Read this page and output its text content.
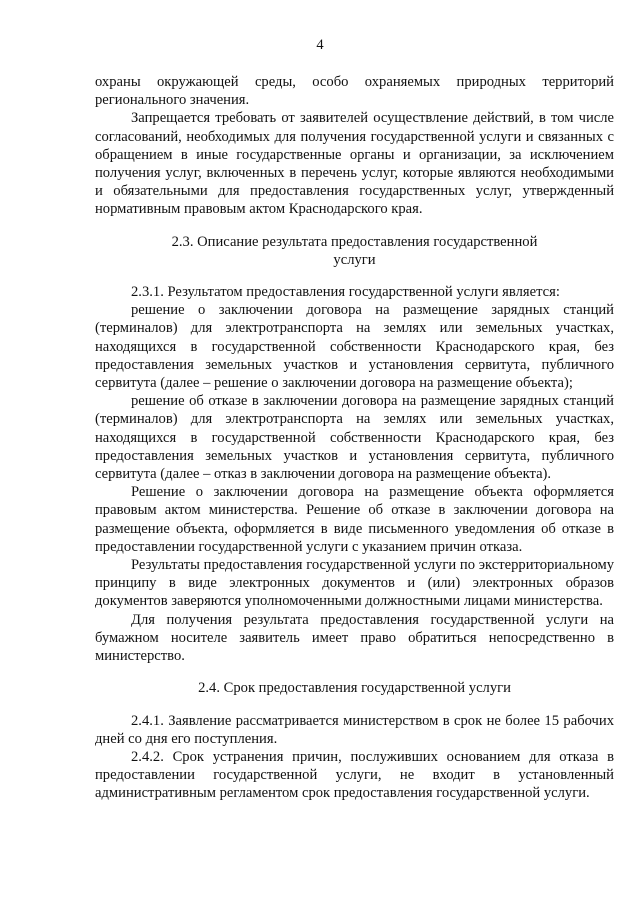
4

охраны окружающей среды, особо охраняемых природных территорий регионального значения.

Запрещается требовать от заявителей осуществление действий, в том числе согласований, необходимых для получения государственной услуги и связанных с обращением в иные государственные органы и организации, за исключением получения услуг, включенных в перечень услуг, которые являются необходимыми и обязательными для предоставления государственных услуг, утвержденный нормативным правовым актом Краснодарского края.

2.3. Описание результата предоставления государственной
услуги

2.3.1. Результатом предоставления государственной услуги является:

решение о заключении договора на размещение зарядных станций (терминалов) для электротранспорта на землях или земельных участках, находящихся в государственной собственности Краснодарского края, без предоставления земельных участков и установления сервитута, публичного сервитута (далее – решение о заключении договора на размещение объекта);

решение об отказе в заключении договора на размещение зарядных станций (терминалов) для электротранспорта на землях или земельных участках, находящихся в государственной собственности Краснодарского края, без предоставления земельных участков и установления сервитута, публичного сервитута (далее – отказ в заключении договора на размещение объекта).

Решение о заключении договора на размещение объекта оформляется правовым актом министерства. Решение об отказе в заключении договора на размещение объекта, оформляется в виде письменного уведомления об отказе в предоставлении государственной услуги с указанием причин отказа.

Результаты предоставления государственной услуги по экстерриториальному принципу в виде электронных документов и (или) электронных образов документов заверяются уполномоченными должностными лицами министерства.

Для получения результата предоставления государственной услуги на бумажном носителе заявитель имеет право обратиться непосредственно в министерство.

2.4. Срок предоставления государственной услуги

2.4.1. Заявление рассматривается министерством в срок не более 15 рабочих дней со дня его поступления.

2.4.2. Срок устранения причин, послуживших основанием для отказа в предоставлении государственной услуги, не входит в установленный административным регламентом срок предоставления государственной услуги.
